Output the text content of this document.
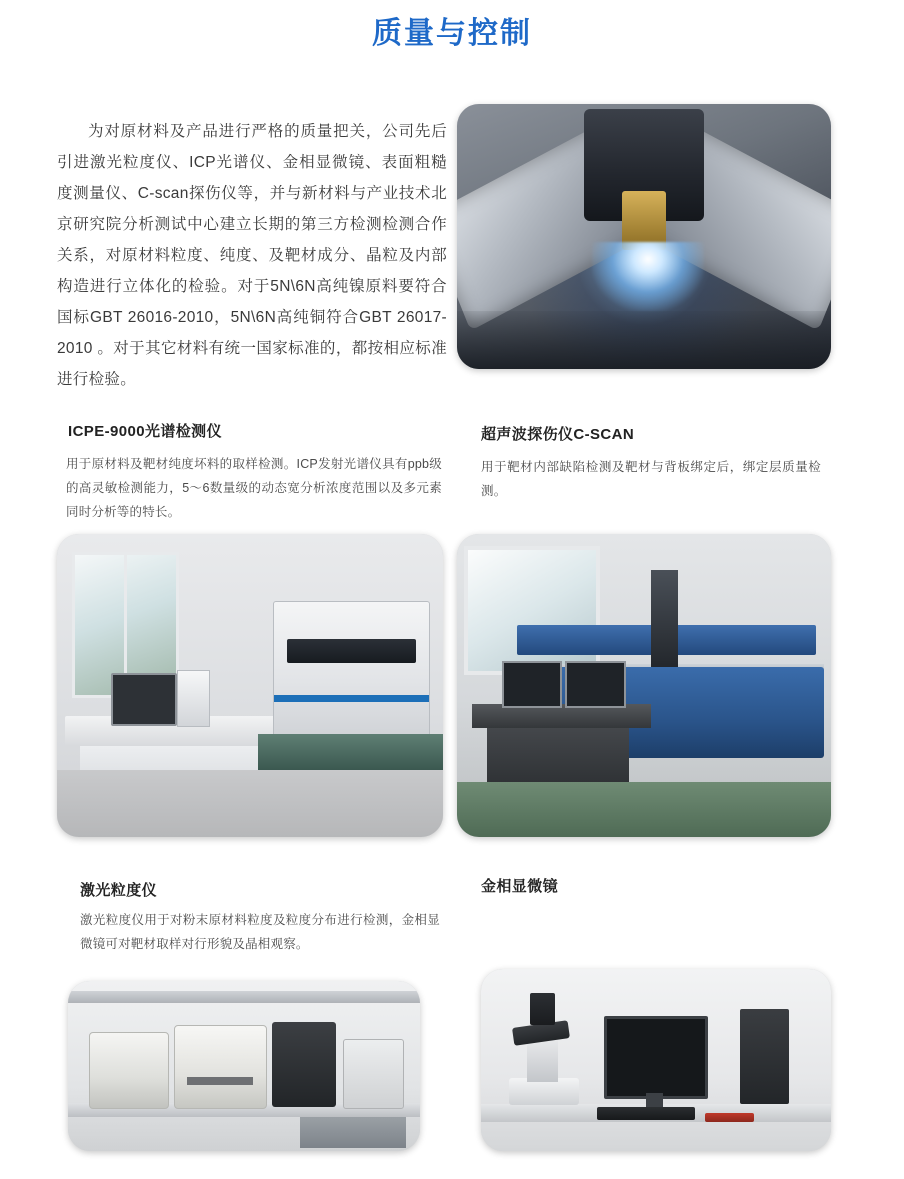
质量与控制
为对原材料及产品进行严格的质量把关，公司先后引进激光粒度仪、ICP光谱仪、金相显微镜、表面粗糙度测量仪、C-scan探伤仪等，并与新材料与产业技术北京研究院分析测试中心建立长期的第三方检测检测合作关系，对原材料粒度、纯度、及靶材成分、晶粒及内部构造进行立体化的检验。对于5N\6N高纯镍原料要符合国标GBT 26016-2010，5N\6N高纯铜符合GBT 26017-2010 。对于其它材料有统一国家标准的，都按相应标准进行检验。
ICPE-9000光谱检测仪
用于原材料及靶材纯度坏料的取样检测。ICP发射光谱仪具有ppb级的高灵敏检测能力，5～6数量级的动态宽分析浓度范围以及多元素同时分析等的特长。
超声波探伤仪C-SCAN
用于靶材内部缺陷检测及靶材与背板绑定后，绑定层质量检测。
激光粒度仪
激光粒度仪用于对粉末原材料粒度及粒度分布进行检测，金相显微镜可对靶材取样对行形貌及晶相观察。
金相显微镜
